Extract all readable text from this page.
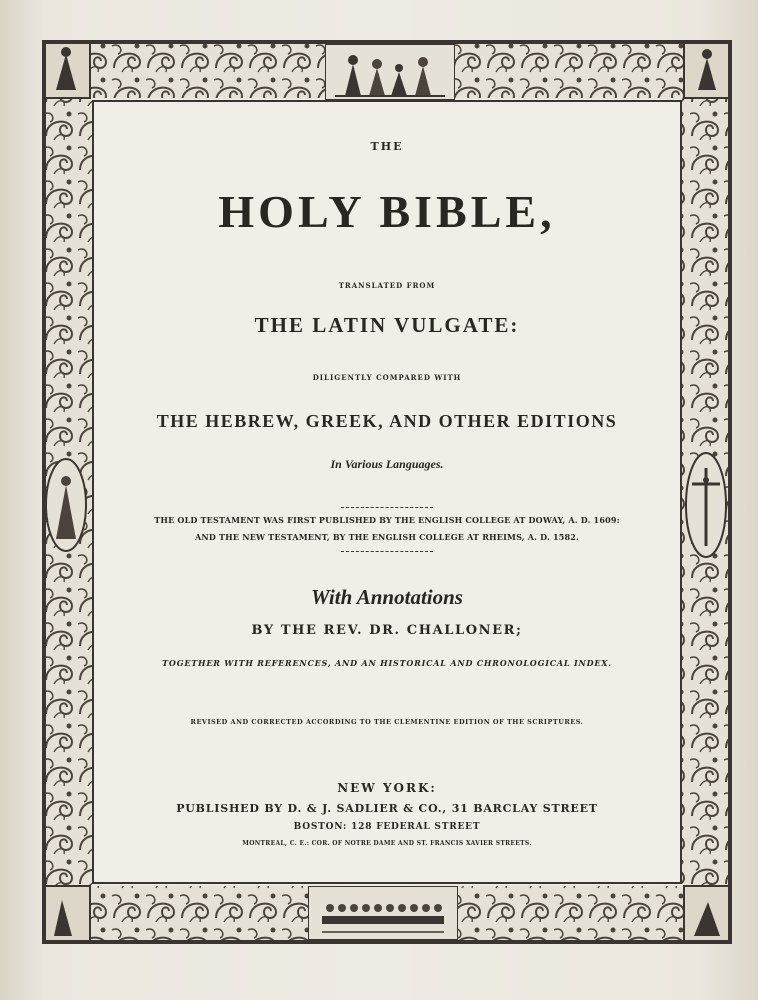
THE
HOLY BIBLE,
TRANSLATED FROM
THE LATIN VULGATE:
DILIGENTLY COMPARED WITH
THE HEBREW, GREEK, AND OTHER EDITIONS
In Various Languages.
THE OLD TESTAMENT WAS FIRST PUBLISHED BY THE ENGLISH COLLEGE AT DOWAY, A. D. 1609:
AND THE NEW TESTAMENT, BY THE ENGLISH COLLEGE AT RHEIMS, A. D. 1582.
With Annotations
BY THE REV. DR. CHALLONER;
TOGETHER WITH REFERENCES, AND AN HISTORICAL AND CHRONOLOGICAL INDEX.
REVISED AND CORRECTED ACCORDING TO THE CLEMENTINE EDITION OF THE SCRIPTURES.
NEW YORK:
PUBLISHED BY D. & J. SADLIER & CO., 31 BARCLAY STREET
BOSTON: 128 FEDERAL STREET
MONTREAL, C. E.: COR. OF NOTRE DAME AND ST. FRANCIS XAVIER STREETS.
